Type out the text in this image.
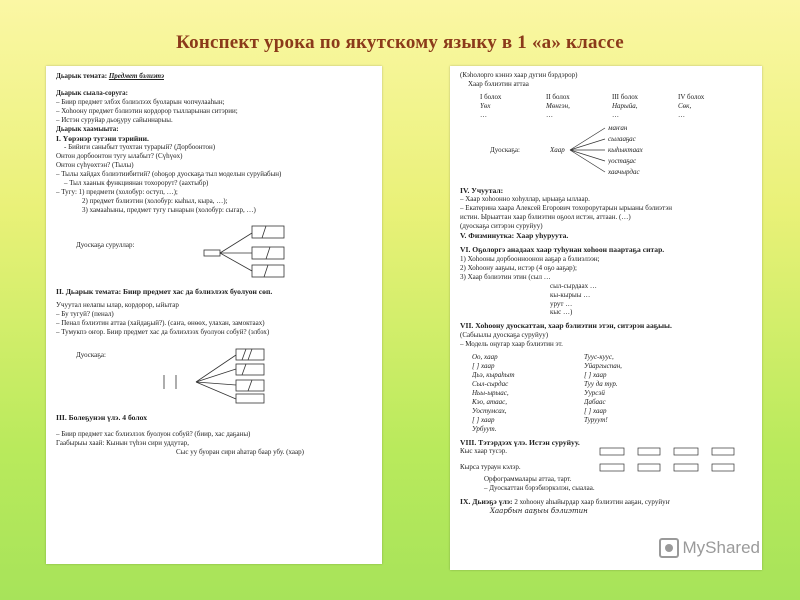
Конспект урока по якутскому языку в 1 «а» классе
Дьарык темата: Предмет бэлиэтэ
Дьарык сыала-соруга:
– Биир предмет элбэх бэлиэлээх буоларын чопчулааһын;
– Хоһоону предмет бэлиэтин кордорор тылларынан ситэрии;
– Истэн суруйар дьоҕуру сайыннарыы.
Дьарык хаамыыта:
I. Үөрэнэр тугэни тэрийии.
- Бийиги саныбыт туохтан турарый? (Дорбоонтон)
Онтон дорбоонтон тугу ылабыт? (Сүһүөх)
Онтон сүһүөхтэн? (Тылы)
– Тылы хайдах бэлиэтиибитий? (оһоҕор дуоскаҕа тыл моделын суруйабын)
– Тыл хаанык функциянан тохорорут? (аахтыбр)
– Тугу: 1) предмети (холобур: оступ, …);
2) предмет бэлиэтин (холобур: кыһыл, кыра, …);
3) хамааһыны, предмет тугу гынарын (холобур: сыгар, …)
Дуоскаҕа суруллар:
II. Дьарык темата: Биир предмет хас да бэлиэлээх буолуон сөп.
Учуутал нелапы ылар, кордорор, ыйытар
– Бу тугуй? (пенал)
– Пенал бэлиэтин аттаа (хайдаҕый?). (саҥа, өнөөх, улахан, замоктаах)
– Тумукпэ оҥор. Биир предмет хас да бэлиэлээх буолуон собуй? (элбэх)
Дуоскаҕа:
III. Болеҕунэн үлэ. 4 болох
– Биир предмет хас бэлиэлээх буолуон собуй? (биир, хас даҕаны)
Гаабырыы хаай: Кынын түһэн сири уддутар,
Сыс уу буоран сири аһатар баар убу. (хаар)
(Кэһолорго кэннэ хаар дугин бэрдэрор)
Хаар бэлиэтин аттаа
I болох
Үөх
…
II болох
Мөнгэн,
…
III болох
Нарыйа,
…
IV болох
Сөк,
…
Дуоскаҕа:	Хаар
маҥан
сылааҕас
кыһыктаах
уостаҕас
хаачырдас
IV. Учуутал:
– Хаар хоһоонно хоһуллар, ырыаҕа ыллаар.
– Екатерина хаара Алексей Егорович тохорорутарын ырыаны бэлиэтэн
истин. Ырыаттан хаар бэлиэтин оҕоол истэн, аттаан. (…)
(дуоскаҕа ситэрэн суруйуу)
V. Физминутка: Хаар уһуруута.
VI. Оҕолоргэ анадаах хаар туһунан хоһоон паартаҕа ситар.
1) Хоһооны дорбоонноонон ааҕар а бэлиэлээн;
2) Хоһоону ааҕыы, истэр (4 оҕо ааҕар);
3) Хаар бэлиэтин этин (сыл …
сыл-сырдаах …
кы-кырыы …
урут …
кыс …)
VII. Хоһоону дуоскаттан, хаар бэлиэтин этэн, ситэрэн ааҕыы.
(Сабыылы дуоскаҕа суруйуу)
– Модель оңугар хаар бэлиэтин эт.
Оо, хаар
[ ] хаар
Дьэ, кыраһыт
Сыл-сырдас
Ньы-ырыас,
Кэо, атаас,
Уостумсах,
[ ] хаар
Урбуут.
Туус-куус,
Уйаргыспан,
[ ] хаар
Туу да тур.
Уурсэй
Дабаас
[ ] хаар
Туруут!
VIII. Тэтэрдээх үлэ. Истэн суруйуу.
Кыс хаар тусэр.
Кырса тураун кэлэр.
Орфограммалары аттаа, тарт.
– Дуоскаттан бэрэбиэркэлэн, сыалаа.
IX. Дьиэҕэ үлэ: 2 хоһоону аһыйырдар хаар бэлиэтин ааҕан, суруйуҥ
Хаарбын ааҕыы бэлиэтин
MyShared
